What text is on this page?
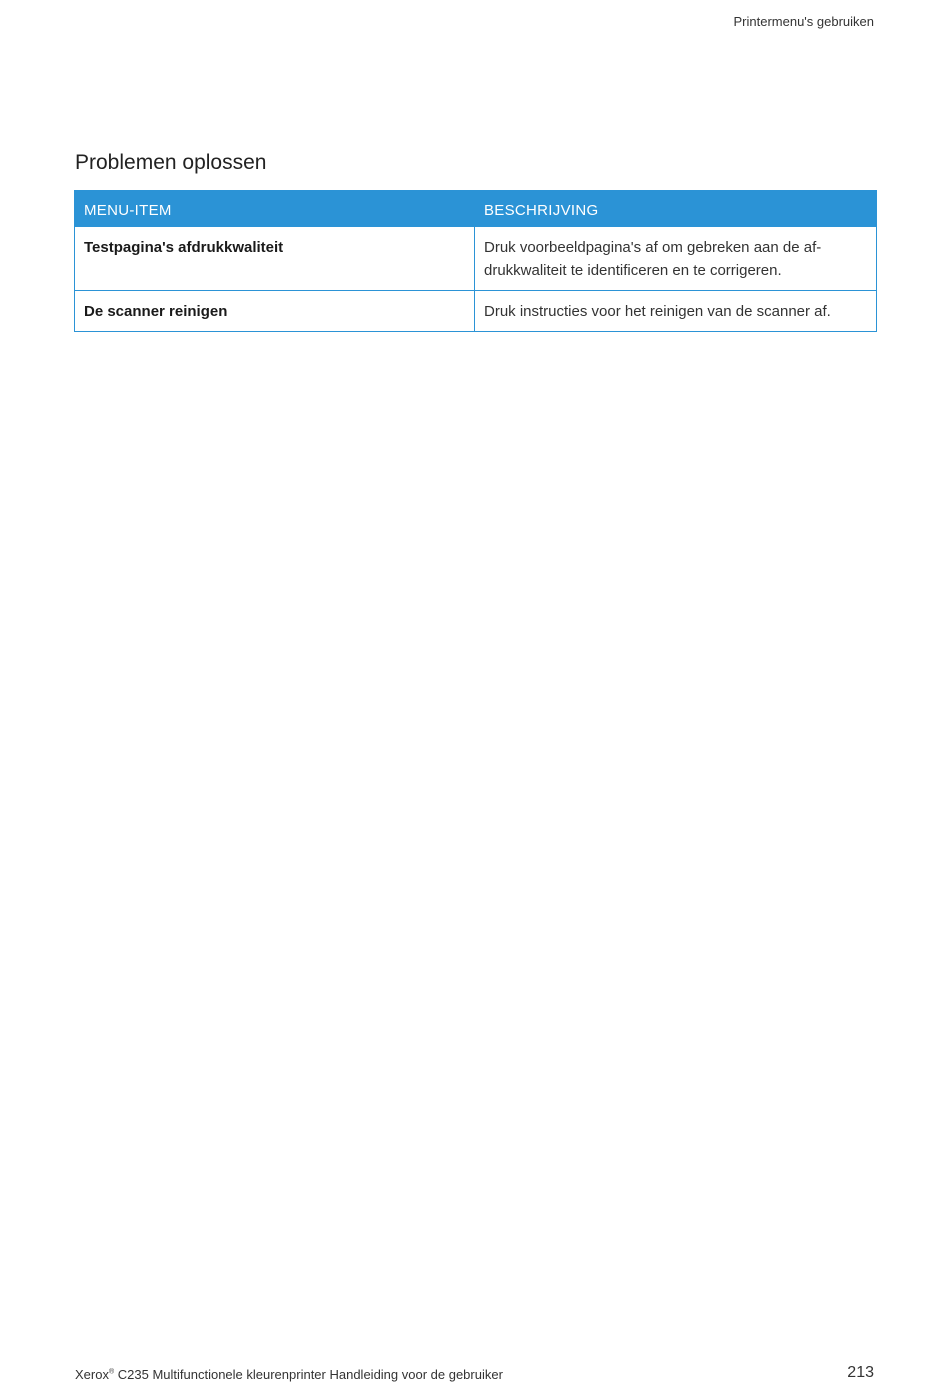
Printermenu's gebruiken
Problemen oplossen
MENU-ITEM	BESCHRIJVING
Testpagina's afdrukkwaliteit	Druk voorbeeldpagina's af om gebreken aan de af-drukkwaliteit te identificeren en te corrigeren.
De scanner reinigen	Druk instructies voor het reinigen van de scanner af.
Xerox® C235 Multifunctionele kleurenprinter Handleiding voor de gebruiker	213
